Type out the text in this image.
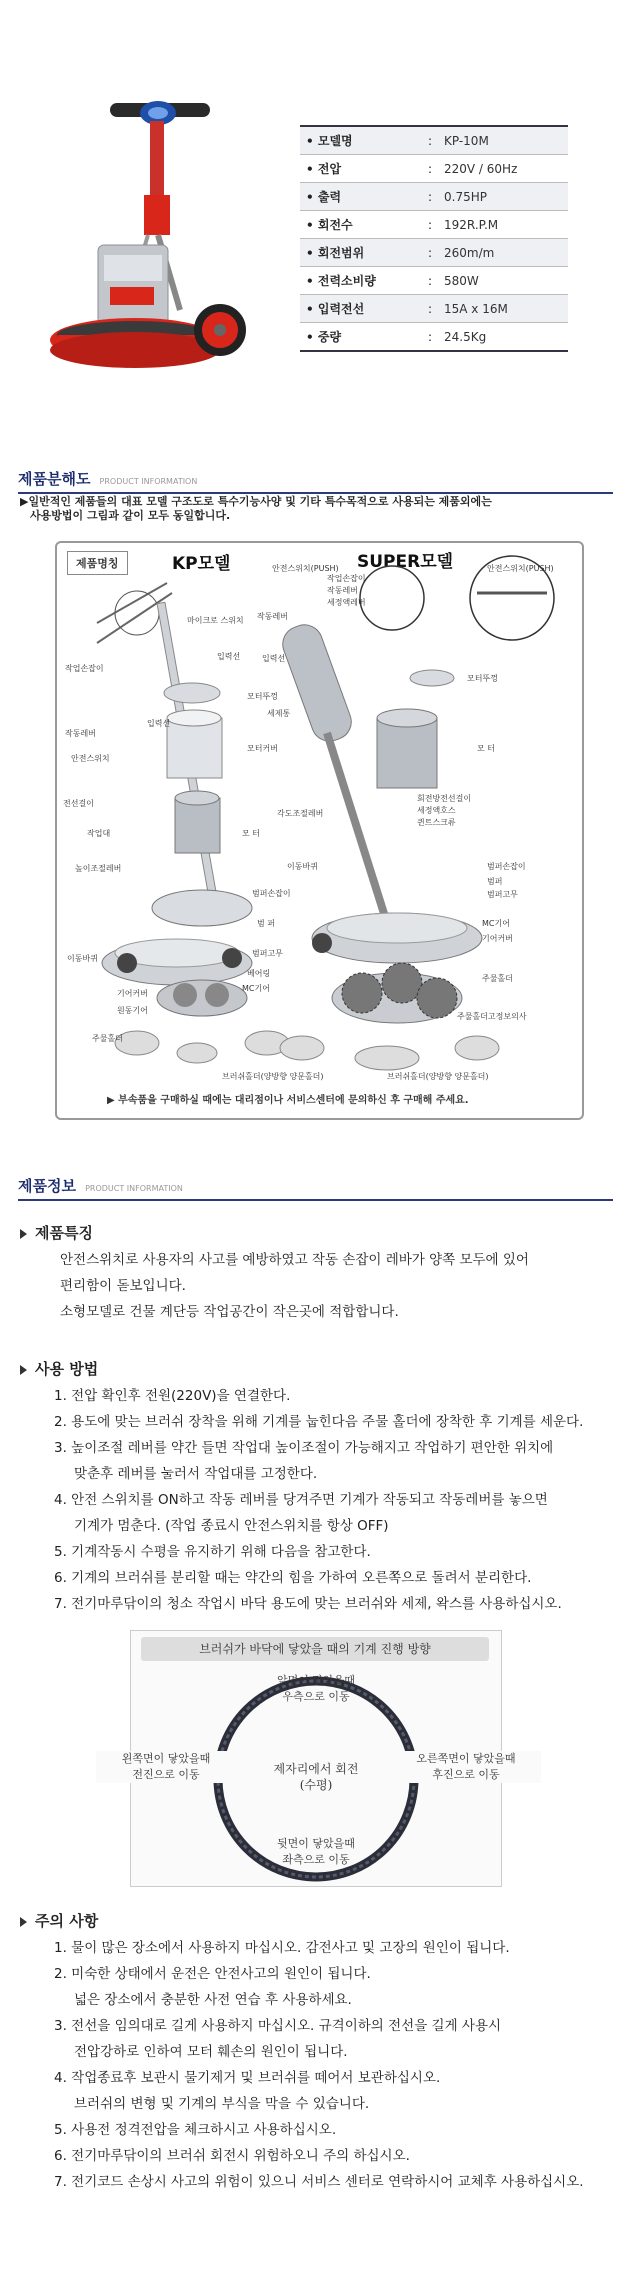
• 모델명	: KP-10M
• 전압	: 220V / 60Hz
• 출력	: 0.75HP
• 회전수	: 192R.P.M
• 회전범위	: 260m/m
• 전력소비량	: 580W
• 입력전선	: 15A x 16M
• 중량	: 24.5Kg
제품분해도 PRODUCT INFORMATION
▶일반적인 제품들의 대표 모델 구조도로 특수기능사양 및 기타 특수목적으로 사용되는 제품외에는
사용방법이 그림과 같이 모두 동일합니다.
제품명칭	KP모델	SUPER모델
마이크로 스위치
입력선
작업손잡이
작동레버
안전스위치
입력선
모터뚜껑
모터커버
전선걸이
작업대
높이조절레버
모 터
이동바퀴
범퍼손잡이
범 퍼
범퍼고무
베어링
MC기어
기어커버
원동기어
주물홀더
안전스위치(PUSH)
작업손잡이
작동레버
세정액레버
안전스위치(PUSH)
작동레버
입력선
모터뚜껑
세제통
모 터
회전방전선걸이
세정액호스
퀸트스크류
각도조절레버
범퍼손잡이
이동바퀴
범퍼
범퍼고무
MC기어
기어커버
주물홀더
주물홀더고정보의사
브러쉬홀더(양방향 양문홀더)	브러쉬홀더(양방향 양문홀더)
▶ 부속품을 구매하실 때에는 대리점이나 서비스센터에 문의하신 후 구매해 주세요.
제품정보 PRODUCT INFORMATION
제품특징
안전스위치로 사용자의 사고를 예방하였고 작동 손잡이 레바가 양쪽 모두에 있어
편리함이 돋보입니다.
소형모델로 건물 계단등 작업공간이 작은곳에 적합합니다.
사용 방법
1. 전압 확인후 전원(220V)을 연결한다.
2. 용도에 맞는 브러쉬 장착을 위해 기계를 눕힌다음 주물 홀더에 장착한 후 기계를 세운다.
3. 높이조절 레버를 약간 들면 작업대 높이조절이 가능해지고 작업하기 편안한 위치에
맞춘후 레버를 눌러서 작업대를 고정한다.
4. 안전 스위치를 ON하고 작동 레버를 당겨주면 기계가 작동되고 작동레버를 놓으면
기계가 멈춘다. (작업 종료시 안전스위치를 항상 OFF)
5. 기계작동시 수평을 유지하기 위해 다음을 참고한다.
6. 기계의 브러쉬를 분리할 때는 약간의 힘을 가하여 오른쪽으로 돌려서 분리한다.
7. 전기마루닦이의 청소 작업시 바닥 용도에 맞는 브러쉬와 세제, 왁스를 사용하십시오.
브러쉬가 바닥에 닿았을 때의 기계 진행 방향
앞면이 닿았을때
우측으로 이동
왼쪽면이 닿았을때
전진으로 이동
오른쪽면이 닿았을때
후진으로 이동
뒷면이 닿았을때
좌측으로 이동
제자리에서 회전
(수평)
주의 사항
1. 물이 많은 장소에서 사용하지 마십시오. 감전사고 및 고장의 원인이 됩니다.
2. 미숙한 상태에서 운전은 안전사고의 원인이 됩니다.
넓은 장소에서 충분한 사전 연습 후 사용하세요.
3. 전선을 임의대로 길게 사용하지 마십시오. 규격이하의 전선을 길게 사용시
전압강하로 인하여 모터 훼손의 원인이 됩니다.
4. 작업종료후 보관시 물기제거 및 브러쉬를 떼어서 보관하십시오.
브러쉬의 변형 및 기계의 부식을 막을 수 있습니다.
5. 사용전 정격전압을 체크하시고 사용하십시오.
6. 전기마루닦이의 브러쉬 회전시 위험하오니 주의 하십시오.
7. 전기코드 손상시 사고의 위험이 있으니 서비스 센터로 연락하시어 교체후 사용하십시오.
